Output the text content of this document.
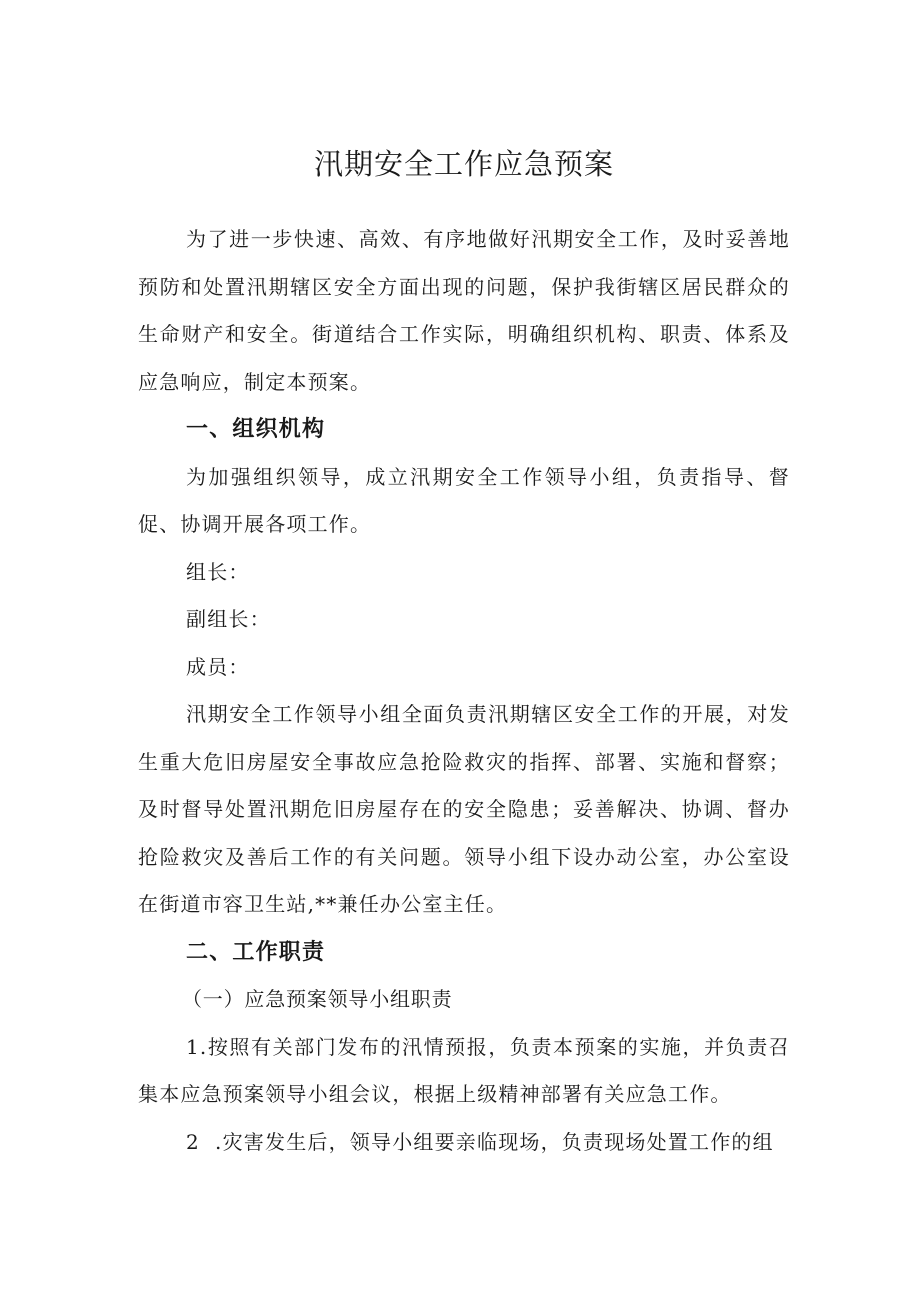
汛期安全工作应急预案

为了进一步快速、高效、有序地做好汛期安全工作，及时妥善地预防和处置汛期辖区安全方面出现的问题，保护我街辖区居民群众的生命财产和安全。街道结合工作实际，明确组织机构、职责、体系及应急响应，制定本预案。

一、组织机构

为加强组织领导，成立汛期安全工作领导小组，负责指导、督促、协调开展各项工作。

组长：
副组长：
成员：

汛期安全工作领导小组全面负责汛期辖区安全工作的开展，对发生重大危旧房屋安全事故应急抢险救灾的指挥、部署、实施和督察；及时督导处置汛期危旧房屋存在的安全隐患；妥善解决、协调、督办抢险救灾及善后工作的有关问题。领导小组下设办动公室，办公室设在街道市容卫生站,**兼任办公室主任。

二、工作职责
（一）应急预案领导小组职责

1.按照有关部门发布的汛情预报，负责本预案的实施，并负责召集本应急预案领导小组会议，根据上级精神部署有关应急工作。

2  .灾害发生后，领导小组要亲临现场，负责现场处置工作的组
